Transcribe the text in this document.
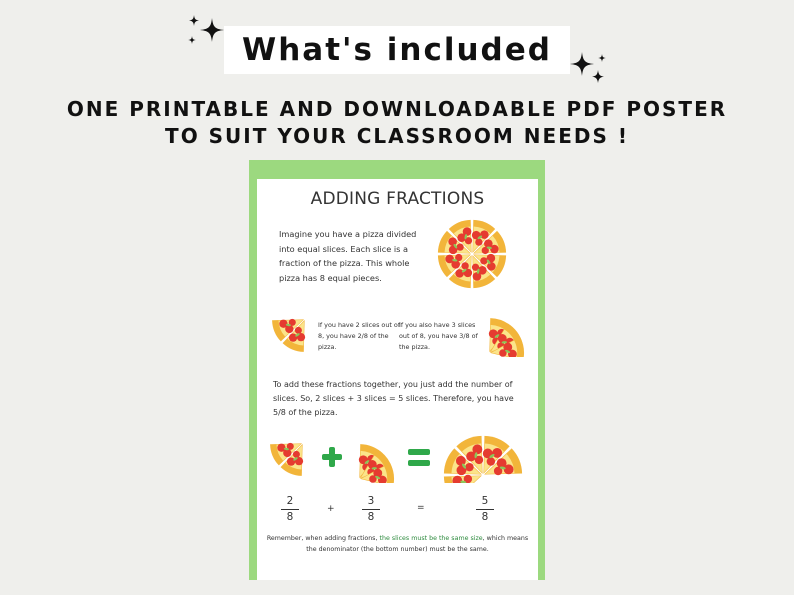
What's included
ONE PRINTABLE AND DOWNLOADABLE PDF POSTER
TO SUIT YOUR CLASSROOM NEEDS !
ADDING FRACTIONS
Imagine you have a pizza divided into equal slices. Each slice is a fraction of the pizza. This whole pizza has 8 equal pieces.
If you have 2 slices out of 8, you have 2/8 of the pizza.
If you also have 3 slices out of 8, you have 3/8 of the pizza.
To add these fractions together, you just add the number of slices. So, 2 slices + 3 slices = 5 slices. Therefore, you have 5/8 of the pizza.
2
8
+
3
8
=
5
8
Remember, when adding fractions, the slices must be the same size, which means the denominator (the bottom number) must be the same.
